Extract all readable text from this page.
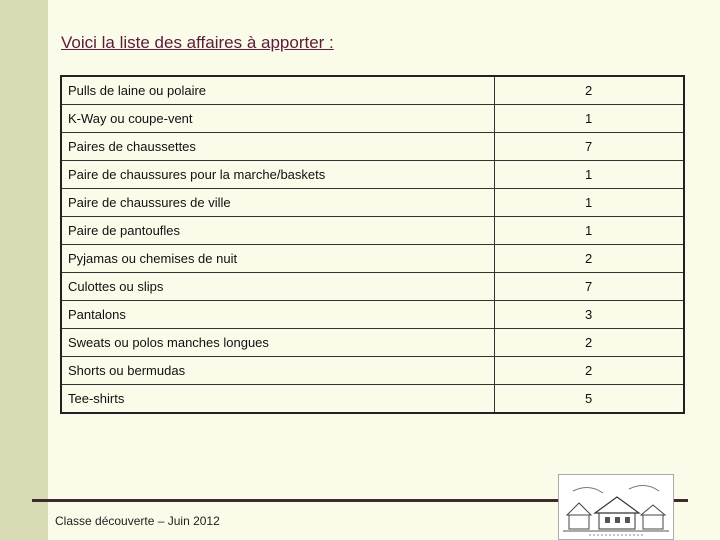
Voici la liste des affaires à apporter :
Pulls de laine ou polaire	2
K-Way ou coupe-vent	1
Paires de chaussettes	7
Paire de chaussures pour la marche/baskets	1
Paire de chaussures de ville	1
Paire de pantoufles	1
Pyjamas ou chemises de nuit	2
Culottes ou slips	7
Pantalons	3
Sweats ou polos manches longues	2
Shorts ou bermudas	2
Tee-shirts	5
Classe découverte – Juin 2012
